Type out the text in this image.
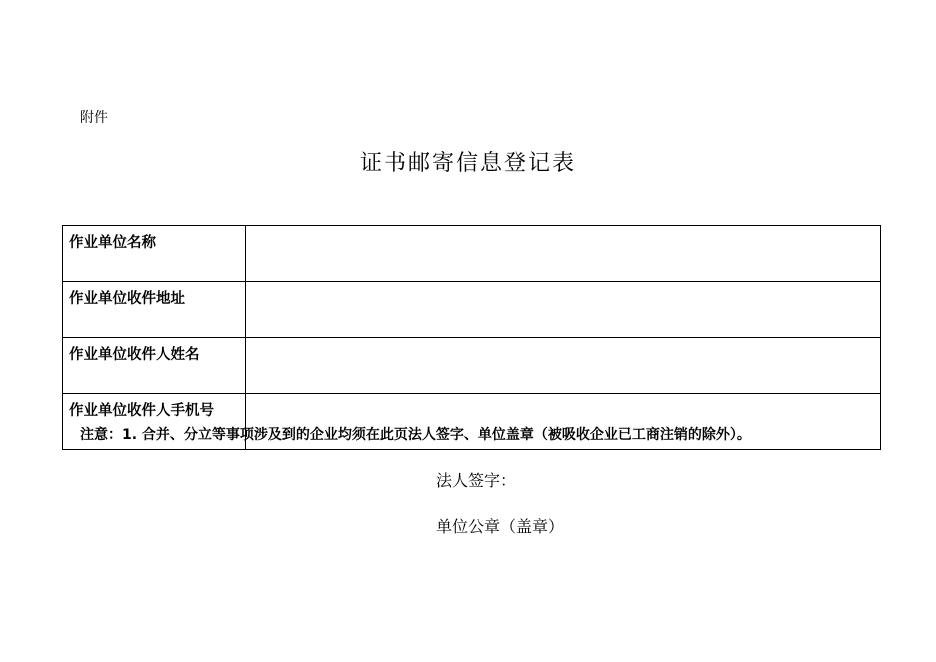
附件
证书邮寄信息登记表
作业单位名称	
作业单位收件地址	
作业单位收件人姓名	
作业单位收件人手机号	
注意：1. 合并、分立等事项涉及到的企业均须在此页法人签字、单位盖章（被吸收企业已工商注销的除外）。
法人签字：
单位公章（盖章）
